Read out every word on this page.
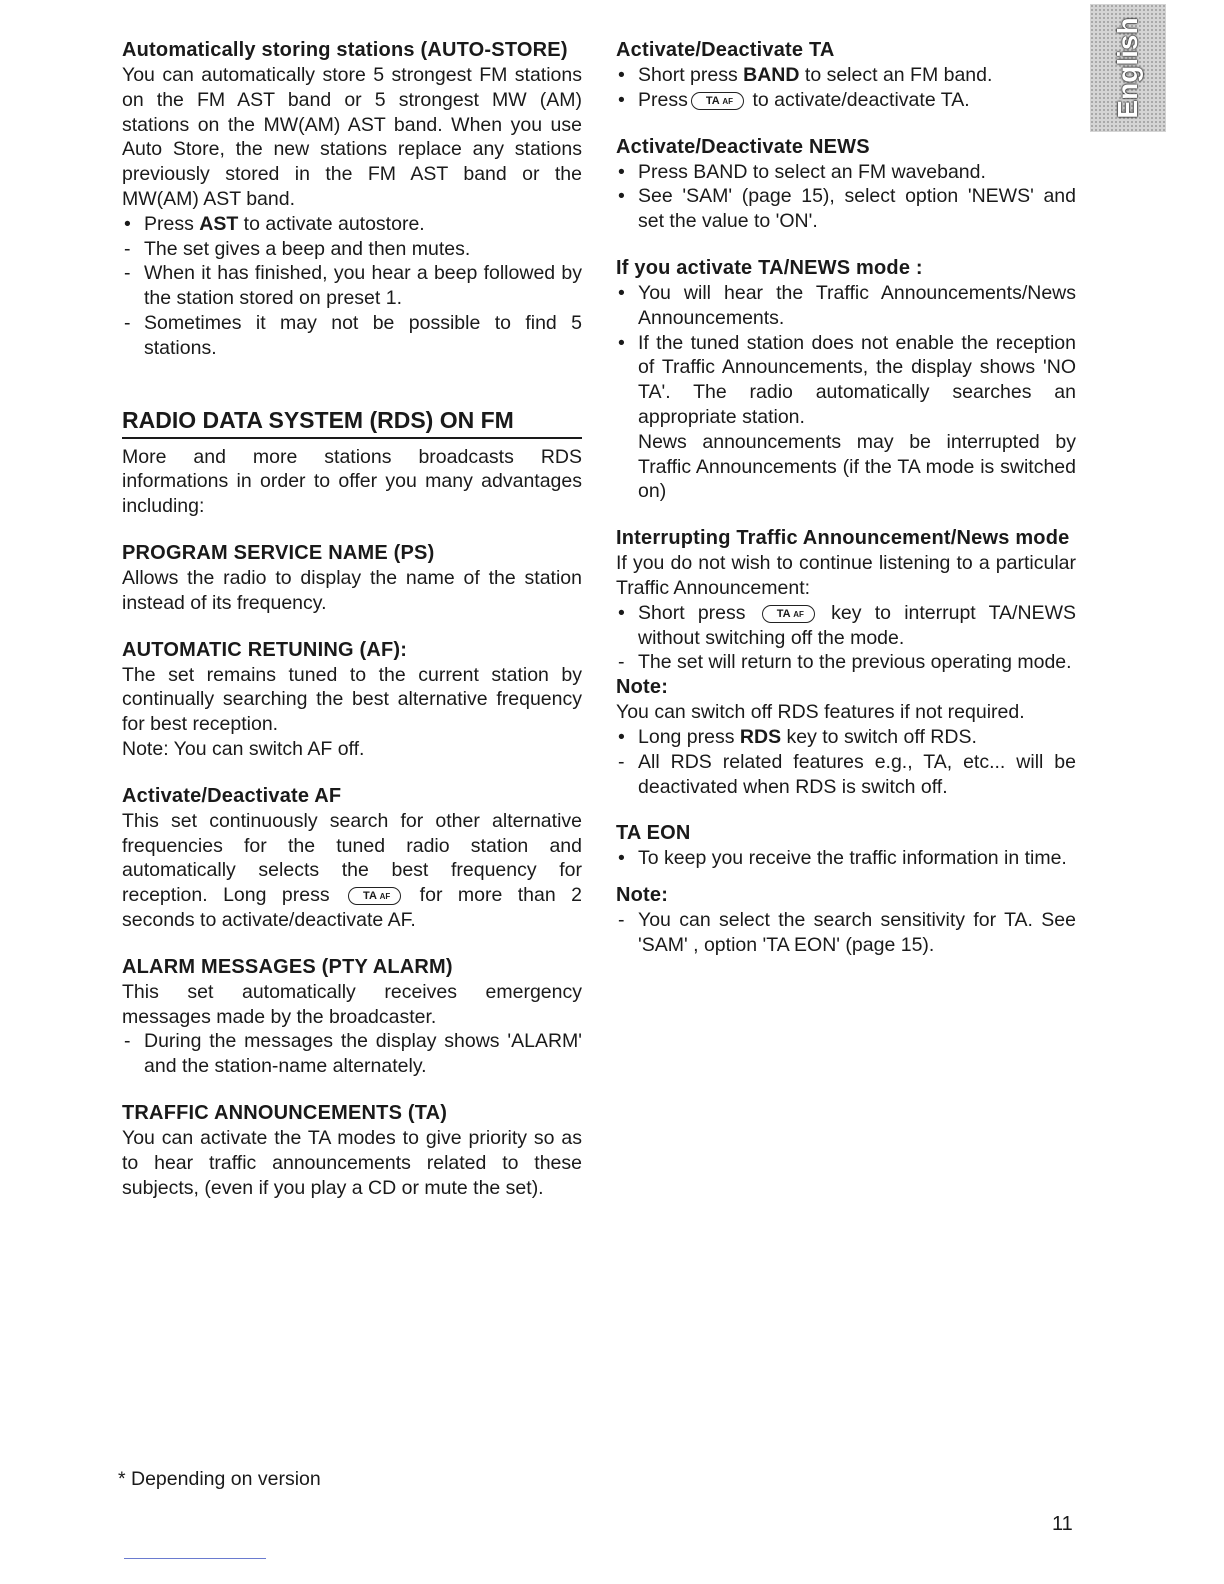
English

Automatically storing stations (AUTO-STORE)

You can automatically store 5 strongest FM stations on the FM AST band or 5 strongest MW (AM) stations on the MW(AM) AST band. When you use Auto Store, the new stations replace any stations previously stored in the FM AST band or the MW(AM) AST band.

• Press AST to activate autostore.
- The set gives a beep and then mutes.
- When it has finished, you hear a beep followed by the station stored on preset 1.
- Sometimes it may not be possible to find 5 stations.

RADIO DATA SYSTEM (RDS) ON FM

More and more stations broadcasts RDS informations in order to offer you many advantages including:

PROGRAM SERVICE NAME (PS)

Allows the radio to display the name of the station instead of its frequency.

AUTOMATIC RETUNING (AF):

The set remains tuned to the current station by continually searching the best alternative frequency for best reception.

Note: You can switch AF off.

Activate/Deactivate AF

This set continuously search for other alternative frequencies for the tuned radio station and automatically selects the best frequency for reception. Long press TA AF for more than 2 seconds to activate/deactivate AF.

ALARM MESSAGES (PTY ALARM)

This set automatically receives emergency messages made by the broadcaster.

- During the messages the display shows 'ALARM' and the station-name alternately.

TRAFFIC ANNOUNCEMENTS (TA)

You can activate the TA modes to give priority so as to hear traffic announcements related to these subjects, (even if you play a CD or mute the set).

Activate/Deactivate TA

• Short press BAND to select an FM band.
• Press TA AF to activate/deactivate TA.

Activate/Deactivate NEWS

• Press BAND to select an FM waveband.
• See 'SAM' (page 15), select option 'NEWS' and set the value to 'ON'.

If you activate TA/NEWS mode :

• You will hear the Traffic Announcements/News Announcements.
• If the tuned station does not enable the reception of Traffic Announcements, the display shows 'NO TA'. The radio automatically searches an appropriate station.
News announcements may be interrupted by Traffic Announcements (if the TA mode is switched on)

Interrupting Traffic Announcement/News mode

If you do not wish to continue listening to a particular Traffic Announcement:

• Short press TA AF key to interrupt TA/NEWS without switching off the mode.
- The set will return to the previous operating mode.

Note:

You can switch off RDS features if not required.

• Long press RDS key to switch off RDS.
- All RDS related features e.g., TA, etc... will be deactivated when RDS is switch off.

TA EON

• To keep you receive the traffic information in time.

Note:

- You can select the search sensitivity for TA. See 'SAM' , option 'TA EON' (page 15).
* Depending on version
11
